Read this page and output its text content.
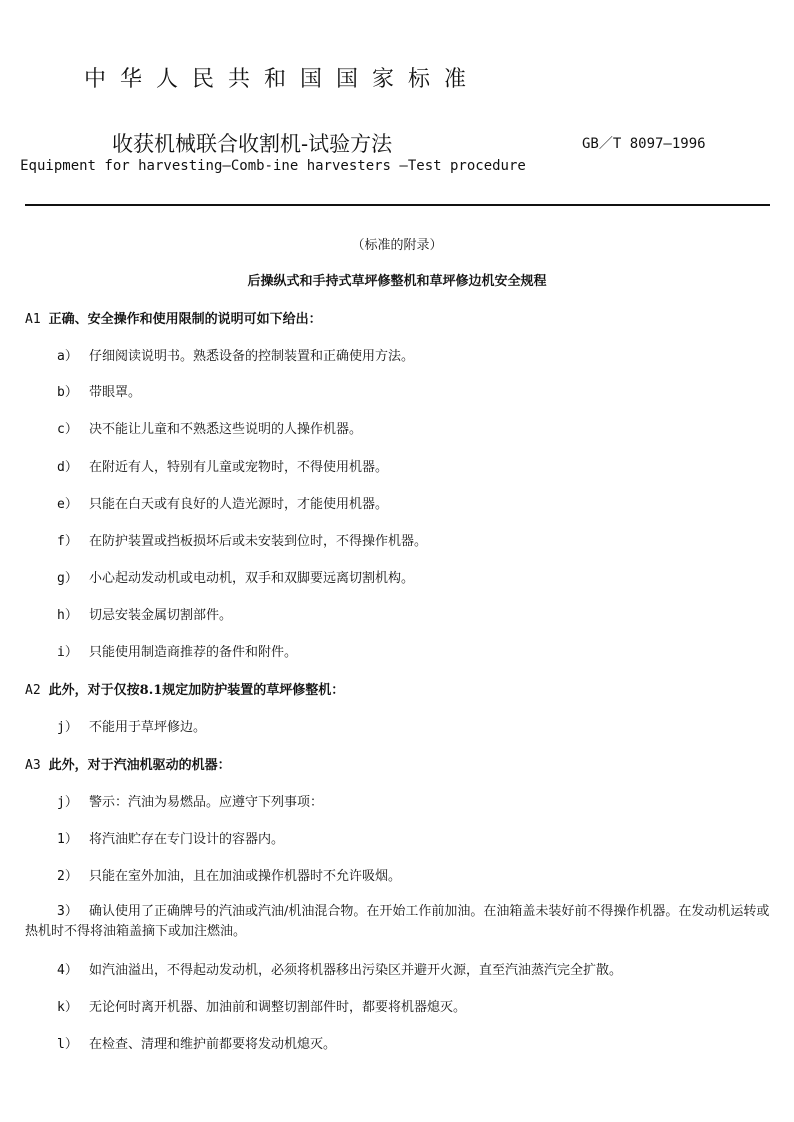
中华人民共和国国家标准
收获机械联合收割机-试验方法	GB／T 8097—1996
Equipment for harvesting—Comb-ine harvesters —Test procedure
（标准的附录）
后操纵式和手持式草坪修整机和草坪修边机安全规程
A1 正确、安全操作和使用限制的说明可如下给出：
a） 仔细阅读说明书。熟悉设备的控制装置和正确使用方法。
b） 带眼罩。
c） 决不能让儿童和不熟悉这些说明的人操作机器。
d） 在附近有人，特别有儿童或宠物时，不得使用机器。
e） 只能在白天或有良好的人造光源时，才能使用机器。
f） 在防护装置或挡板损坏后或未安装到位时，不得操作机器。
g） 小心起动发动机或电动机，双手和双脚要远离切割机构。
h） 切忌安装金属切割部件。
i） 只能使用制造商推荐的备件和附件。
A2 此外，对于仅按8.1规定加防护装置的草坪修整机：
j） 不能用于草坪修边。
A3 此外，对于汽油机驱动的机器：
j） 警示：汽油为易燃品。应遵守下列事项：
1） 将汽油贮存在专门设计的容器内。
2） 只能在室外加油，且在加油或操作机器时不允许吸烟。
3） 确认使用了正确牌号的汽油或汽油/机油混合物。在开始工作前加油。在油箱盖未装好前不得操作机器。在发动机运转或热机时不得将油箱盖摘下或加注燃油。
4） 如汽油溢出，不得起动发动机，必须将机器移出污染区并避开火源，直至汽油蒸汽完全扩散。
k） 无论何时离开机器、加油前和调整切割部件时，都要将机器熄灭。
l） 在检查、清理和维护前都要将发动机熄灭。
